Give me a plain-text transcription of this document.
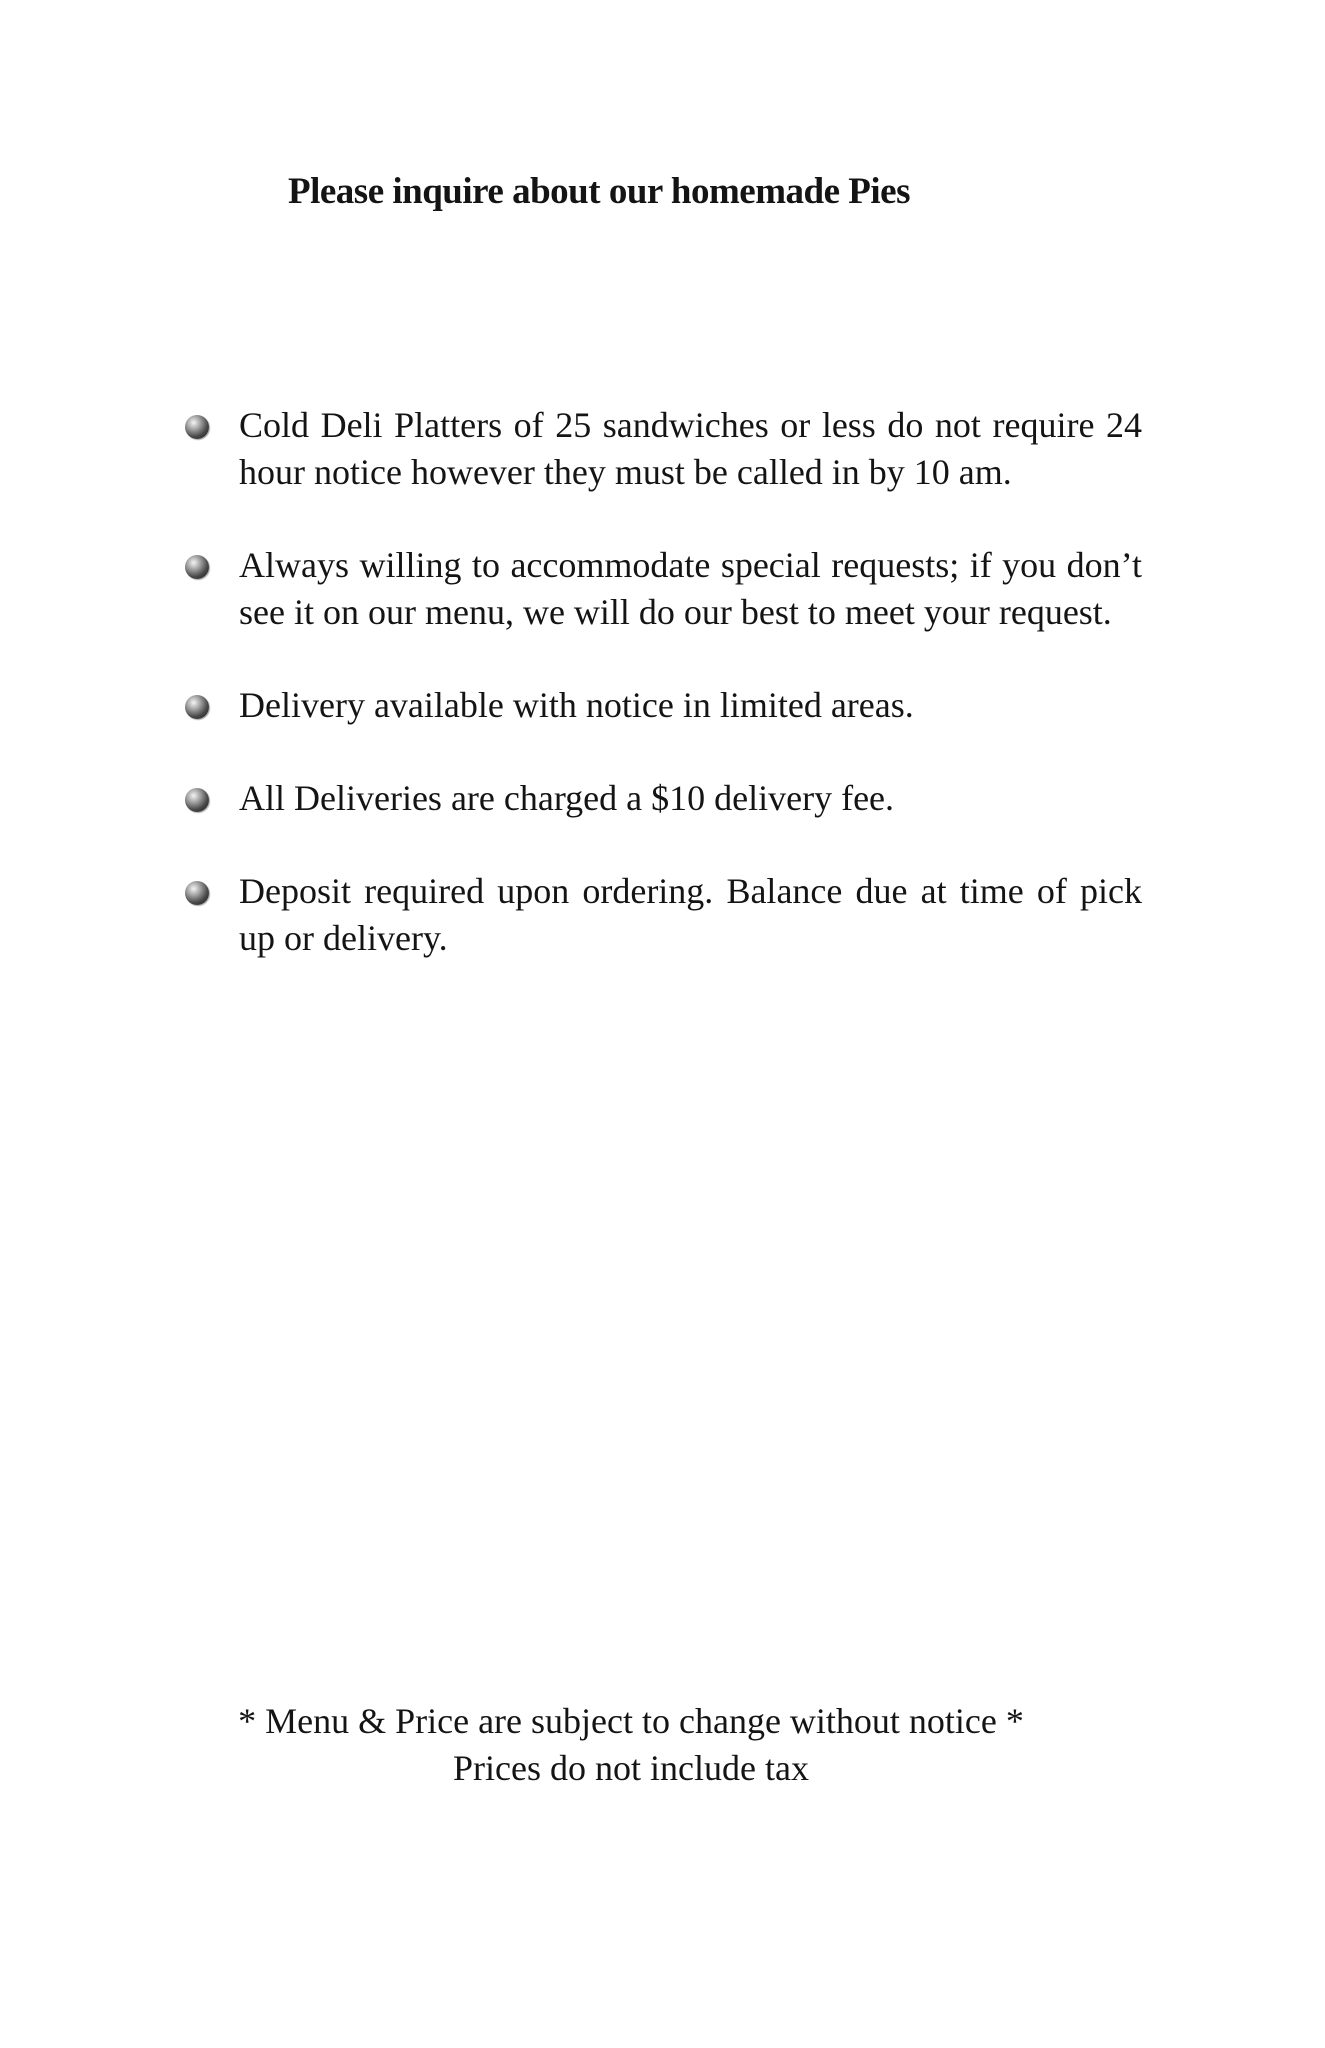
Please inquire about our homemade Pies
Cold Deli Platters of 25 sandwiches or less do not require 24 hour notice however they must be called in by 10 am.
Always willing to accommodate special requests; if you don’t see it on our menu, we will do our best to meet your request.
Delivery available with notice in limited areas.
All Deliveries are charged a $10 delivery fee.
Deposit required upon ordering. Balance due at time of pick up or delivery.
* Menu & Price are subject to change without notice *
Prices do not include tax
